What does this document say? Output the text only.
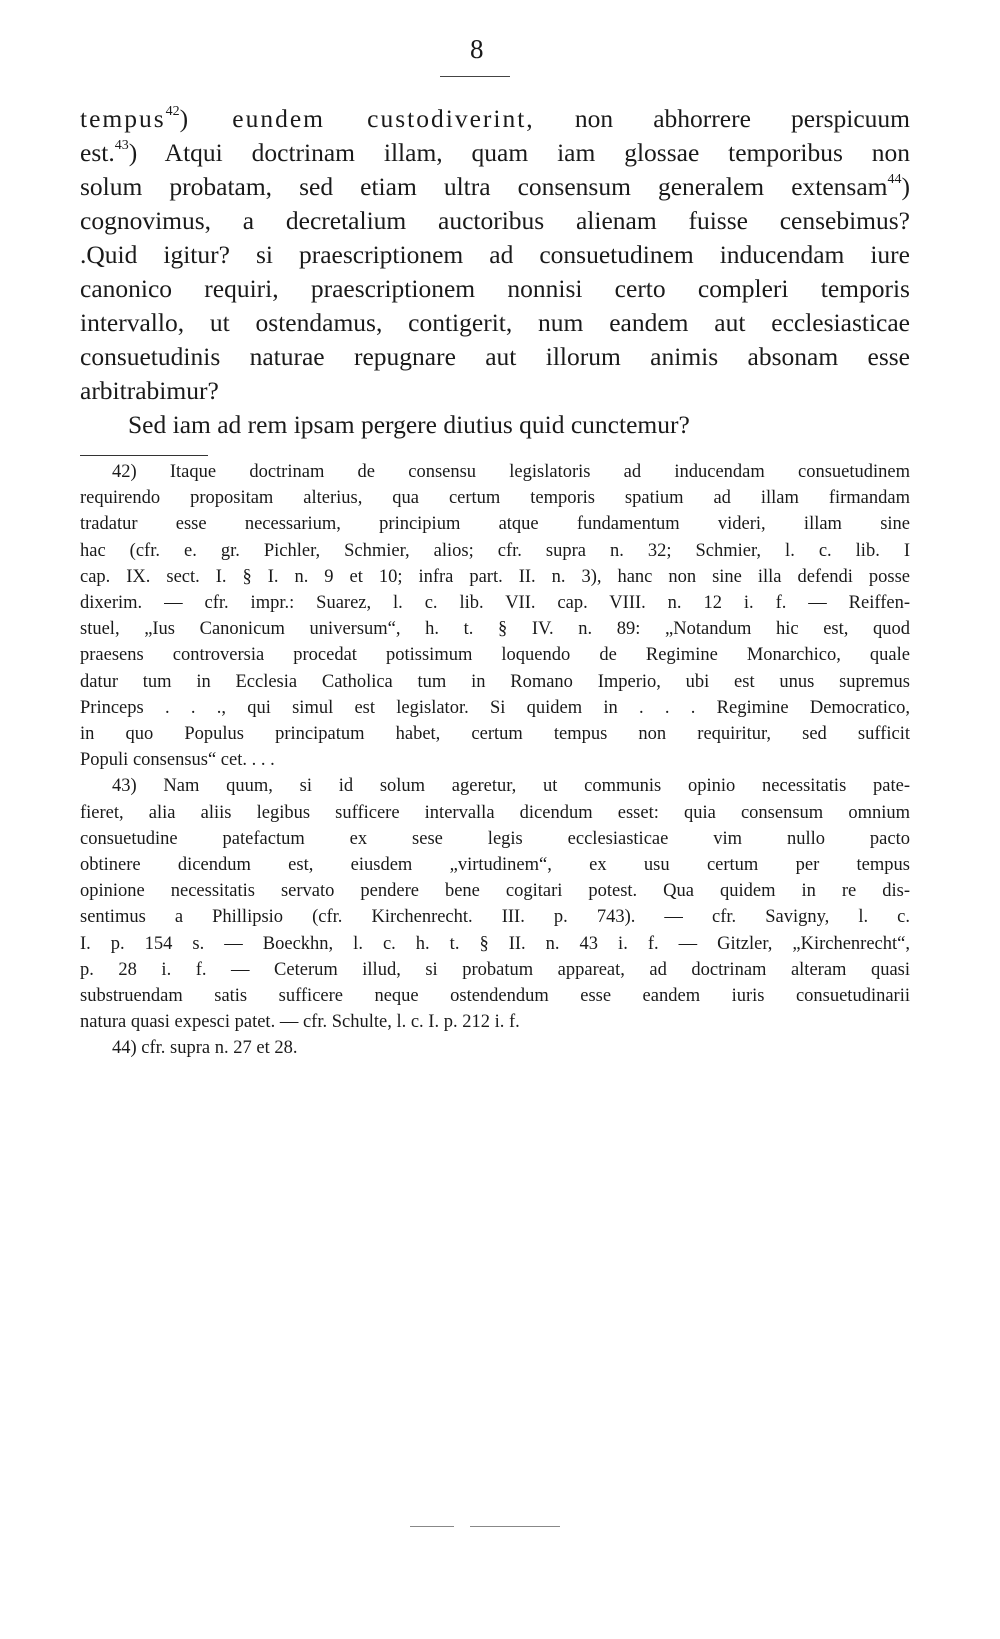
8
tempus$^{42}$) eundem custodiverint, non abhorrere perspicuum
est.$^{43}$) Atqui doctrinam illam, quam iam glossae temporibus non
solum probatam, sed etiam ultra consensum generalem extensam$^{44}$)
cognovimus, a decretalium auctoribus alienam fuisse censebimus?
.Quid igitur? si praescriptionem ad consuetudinem inducendam iure
canonico requiri, praescriptionem nonnisi certo compleri temporis
intervallo, ut ostendamus, contigerit, num eandem aut ecclesiasticae
consuetudinis naturae repugnare aut illorum animis absonam esse
arbitrabimur?
Sed iam ad rem ipsam pergere diutius quid cunctemur?
42) Itaque doctrinam de consensu legislatoris ad inducendam consuetudinem
requirendo propositam alterius, qua certum temporis spatium ad illam firmandam
tradatur esse necessarium, principium atque fundamentum videri, illam sine
hac (cfr. e. gr. Pichler, Schmier, alios; cfr. supra n. 32; Schmier, l. c. lib. I
cap. IX. sect. I. § I. n. 9 et 10; infra part. II. n. 3), hanc non sine illa defendi posse
dixerim. — cfr. impr.: Suarez, l. c. lib. VII. cap. VIII. n. 12 i. f. — Reiffen-
stuel, „Ius Canonicum universum“, h. t. § IV. n. 89: „Notandum hic est, quod
praesens controversia procedat potissimum loquendo de Regimine Monarchico, quale
datur tum in Ecclesia Catholica tum in Romano Imperio, ubi est unus supremus
Princeps . . ., qui simul est legislator. Si quidem in . . . Regimine Democratico,
in quo Populus principatum habet, certum tempus non requiritur, sed sufficit
Populi consensus“ cet. . . .
43) Nam quum, si id solum ageretur, ut communis opinio necessitatis pate-
fieret, alia aliis legibus sufficere intervalla dicendum esset: quia consensum omnium
consuetudine patefactum ex sese legis ecclesiasticae vim nullo pacto
obtinere dicendum est, eiusdem „virtudinem“, ex usu certum per tempus
opinione necessitatis servato pendere bene cogitari potest. Qua quidem in re dis-
sentimus a Phillipsio (cfr. Kirchenrecht. III. p. 743). — cfr. Savigny, l. c.
I. p. 154 s. — Boeckhn, l. c. h. t. § II. n. 43 i. f. — Gitzler, „Kirchenrecht“,
p. 28 i. f. — Ceterum illud, si probatum appareat, ad doctrinam alteram quasi
substruendam satis sufficere neque ostendendum esse eandem iuris consuetudinarii
natura quasi expesci patet. — cfr. Schulte, l. c. I. p. 212 i. f.
44) cfr. supra n. 27 et 28.
